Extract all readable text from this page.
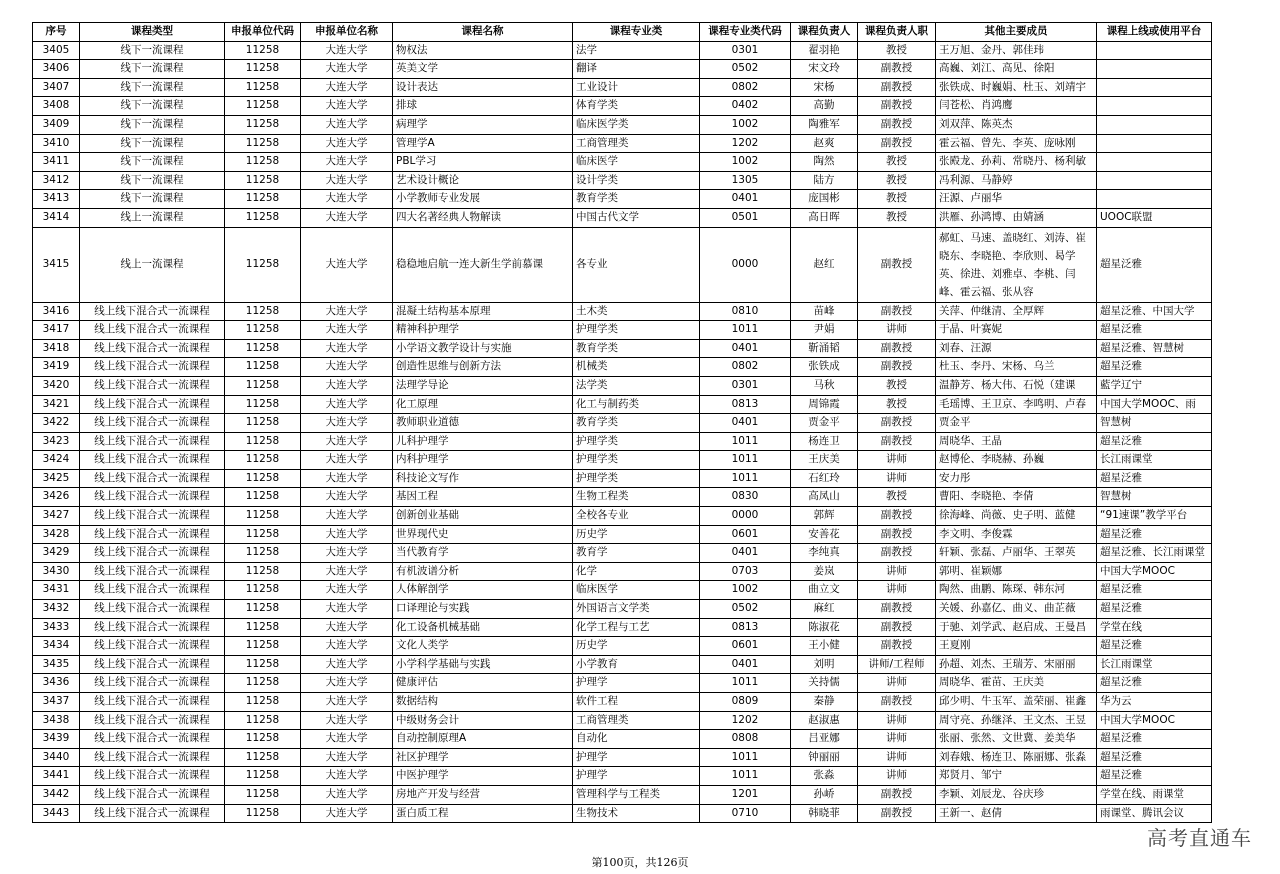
序号	课程类型	申报单位代码	申报单位名称	课程名称	课程专业类	课程专业类代码	课程负责人	课程负责人职	其他主要成员	课程上线或使用平台
3405	线下一流课程	11258	大连大学	物权法	法学	0301	翟羽艳	教授	王万旭、金丹、郭佳玮	
3406	线下一流课程	11258	大连大学	英美文学	翻译	0502	宋文玲	副教授	高巍、刘江、高见、徐阳	
3407	线下一流课程	11258	大连大学	设计表达	工业设计	0802	宋杨	副教授	张铁成、时巍娟、杜玉、刘靖宇	
3408	线下一流课程	11258	大连大学	排球	体育学类	0402	高勤	副教授	闫苍松、肖鸿鹰	
3409	线下一流课程	11258	大连大学	病理学	临床医学类	1002	陶雅军	副教授	刘双萍、陈英杰	
3410	线下一流课程	11258	大连大学	管理学A	工商管理类	1202	赵爽	副教授	霍云福、曾先、李英、庞咏刚	
3411	线下一流课程	11258	大连大学	PBL学习	临床医学	1002	陶然	教授	张殿龙、孙莉、常晓丹、杨利敏	
3412	线下一流课程	11258	大连大学	艺术设计概论	设计学类	1305	陆方	教授	冯利源、马静婷	
3413	线下一流课程	11258	大连大学	小学教师专业发展	教育学类	0401	庞国彬	教授	汪源、卢丽华	
3414	线上一流课程	11258	大连大学	四大名著经典人物解读	中国古代文学	0501	高日晖	教授	洪雁、孙鸿博、由婧涵	UOOC联盟
3415	线上一流课程	11258	大连大学	稳稳地启航一连大新生学前慕课	各专业	0000	赵红	副教授	郝虹、马速、盖晓红、刘涛、崔晓东、李晓艳、李欣则、曷学英、徐进、刘雅卓、李桃、闫峰、霍云福、张从容	超星泛雅
3416	线上线下混合式一流课程	11258	大连大学	混凝土结构基本原理	土木类	0810	苗峰	副教授	关萍、仲继清、全厚辉	超星泛雅、中国大学
3417	线上线下混合式一流课程	11258	大连大学	精神科护理学	护理学类	1011	尹娟	讲师	于晶、叶赛妮	超星泛雅
3418	线上线下混合式一流课程	11258	大连大学	小学语文教学设计与实施	教育学类	0401	靳涌韬	副教授	刘春、汪源	超星泛雅、智慧树
3419	线上线下混合式一流课程	11258	大连大学	创造性思维与创新方法	机械类	0802	张铁成	副教授	杜玉、李丹、宋杨、乌兰	超星泛雅
3420	线上线下混合式一流课程	11258	大连大学	法理学导论	法学类	0301	马秋	教授	温静芳、杨大伟、石悦（建课	藍学辽宁
3421	线上线下混合式一流课程	11258	大连大学	化工原理	化工与制药类	0813	周锦霞	教授	毛瑶博、王卫京、李鸣明、卢春	中国大学MOOC、雨
3422	线上线下混合式一流课程	11258	大连大学	教师职业道德	教育学类	0401	贾金平	副教授	贾金平	智慧树
3423	线上线下混合式一流课程	11258	大连大学	儿科护理学	护理学类	1011	杨连卫	副教授	周晓华、王晶	超星泛雅
3424	线上线下混合式一流课程	11258	大连大学	内科护理学	护理学类	1011	王庆美	讲师	赵博伦、李晓赫、孙巍	长江雨课堂
3425	线上线下混合式一流课程	11258	大连大学	科技论文写作	护理学类	1011	石红玲	讲师	安力彤	超星泛雅
3426	线上线下混合式一流课程	11258	大连大学	基因工程	生物工程类	0830	高凤山	教授	曹阳、李晓艳、李倩	智慧树
3427	线上线下混合式一流课程	11258	大连大学	创新创业基础	全校各专业	0000	郭辉	副教授	徐海峰、尚薇、史子明、蓝健	“91速课”教学平台
3428	线上线下混合式一流课程	11258	大连大学	世界现代史	历史学	0601	安善花	副教授	李文明、李俊霖	超星泛雅
3429	线上线下混合式一流课程	11258	大连大学	当代教育学	教育学	0401	李纯真	副教授	轩颖、张磊、卢丽华、王翠英	超星泛雅、长江雨课堂
3430	线上线下混合式一流课程	11258	大连大学	有机波谱分析	化学	0703	姜岚	讲师	郭明、崔颖娜	中国大学MOOC
3431	线上线下混合式一流课程	11258	大连大学	人体解剖学	临床医学	1002	曲立文	讲师	陶然、曲鹏、陈琛、韩东河	超星泛雅
3432	线上线下混合式一流课程	11258	大连大学	口译理论与实践	外国语言文学类	0502	麻红	副教授	关媛、孙嘉亿、曲义、曲芷薇	超星泛雅
3433	线上线下混合式一流课程	11258	大连大学	化工设备机械基础	化学工程与工艺	0813	陈淑花	副教授	于驰、刘学武、赵启成、王曼昌	学堂在线
3434	线上线下混合式一流课程	11258	大连大学	文化人类学	历史学	0601	王小健	副教授	王夏刚	超星泛雅
3435	线上线下混合式一流课程	11258	大连大学	小学科学基础与实践	小学教育	0401	刘明	讲师/工程师	孙超、刘杰、王瑞芳、宋丽丽	长江雨课堂
3436	线上线下混合式一流课程	11258	大连大学	健康评估	护理学	1011	关持儒	讲师	周晓华、霍苗、王庆美	超星泛雅
3437	线上线下混合式一流课程	11258	大连大学	数据结构	软件工程	0809	秦静	副教授	邱少明、牛玉军、盖荣丽、崔鑫	华为云
3438	线上线下混合式一流课程	11258	大连大学	中级财务会计	工商管理类	1202	赵淑惠	讲师	周守亮、孙继泽、王文杰、王昱	中国大学MOOC
3439	线上线下混合式一流课程	11258	大连大学	自动控制原理A	自动化	0808	吕亚娜	讲师	张丽、张然、文世冀、姜美华	超星泛雅
3440	线上线下混合式一流课程	11258	大连大学	社区护理学	护理学	1011	钟丽丽	讲师	刘春娥、杨连卫、陈丽娜、张淼	超星泛雅
3441	线上线下混合式一流课程	11258	大连大学	中医护理学	护理学	1011	张淼	讲师	郑贤月、邹宁	超星泛雅
3442	线上线下混合式一流课程	11258	大连大学	房地产开发与经营	管理科学与工程类	1201	孙峤	副教授	李颖、刘辰龙、谷庆珍	学堂在线、雨课堂
3443	线上线下混合式一流课程	11258	大连大学	蛋白质工程	生物技术	0710	韩晓菲	副教授	王新一、赵倩	雨课堂、腾讯会议
第100页，共126页
高考直通车
